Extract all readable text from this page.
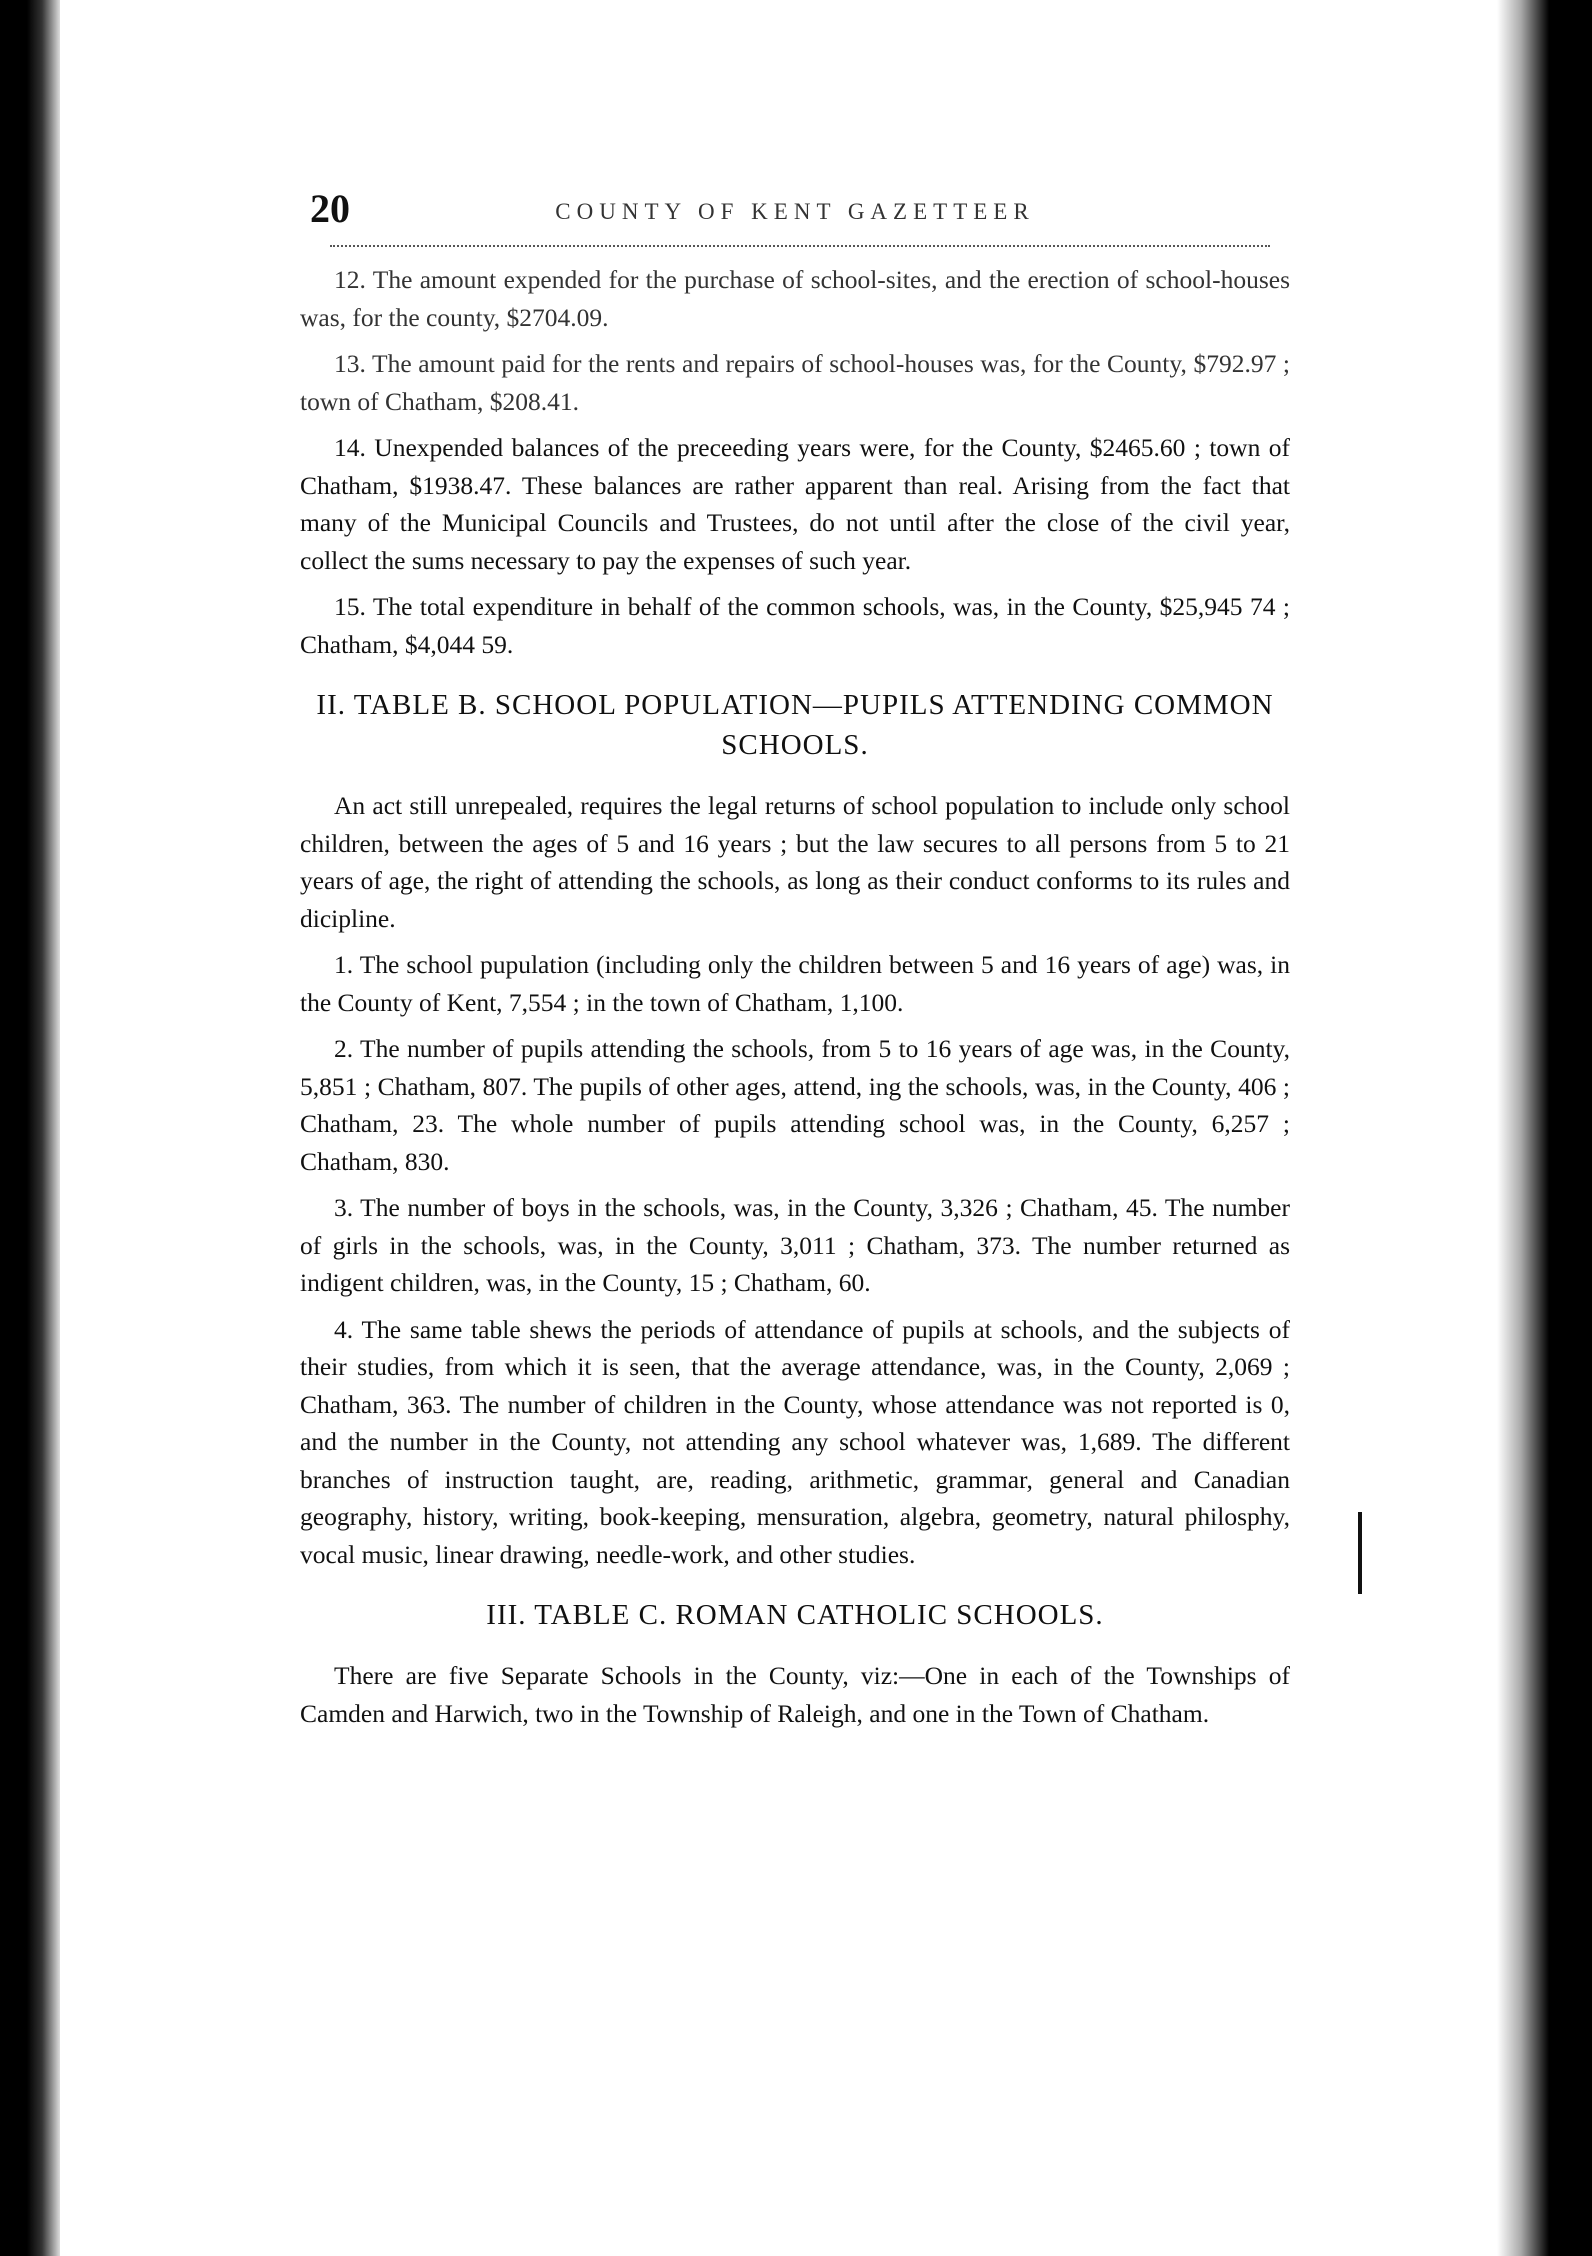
20	COUNTY OF KENT GAZETTEER

12. The amount expended for the purchase of school-sites, and the erection of school-houses was, for the county, $2704.09.

13. The amount paid for the rents and repairs of school-houses was, for the County, $792.97 ; town of Chatham, $208.41.

14. Unexpended balances of the preceeding years were, for the County, $2465.60 ; town of Chatham, $1938.47. These balances are rather apparent than real. Arising from the fact that many of the Municipal Councils and Trustees, do not until after the close of the civil year, collect the sums necessary to pay the expenses of such year.

15. The total expenditure in behalf of the common schools, was, in the County, $25,945 74 ; Chatham, $4,044 59.

II. TABLE B. SCHOOL POPULATION—PUPILS ATTENDING COMMON SCHOOLS.

An act still unrepealed, requires the legal returns of school population to include only school children, between the ages of 5 and 16 years ; but the law secures to all persons from 5 to 21 years of age, the right of attending the schools, as long as their conduct conforms to its rules and dicipline.

1. The school pupulation (including only the children between 5 and 16 years of age) was, in the County of Kent, 7,554 ; in the town of Chatham, 1,100.

2. The number of pupils attending the schools, from 5 to 16 years of age was, in the County, 5,851 ; Chatham, 807. The pupils of other ages, attend, ing the schools, was, in the County, 406 ; Chatham, 23. The whole number of pupils attending school was, in the County, 6,257 ; Chatham, 830.

3. The number of boys in the schools, was, in the County, 3,326 ; Chatham, 45. The number of girls in the schools, was, in the County, 3,011 ; Chatham, 373. The number returned as indigent children, was, in the County, 15 ; Chatham, 60.

4. The same table shews the periods of attendance of pupils at schools, and the subjects of their studies, from which it is seen, that the average attendance, was, in the County, 2,069 ; Chatham, 363. The number of children in the County, whose attendance was not reported is 0, and the number in the County, not attending any school whatever was, 1,689. The different branches of instruction taught, are, reading, arithmetic, grammar, general and Canadian geography, history, writing, book-keeping, mensuration, algebra, geometry, natural philosphy, vocal music, linear drawing, needle-work, and other studies.

III. TABLE C. ROMAN CATHOLIC SCHOOLS.

There are five Separate Schools in the County, viz:—One in each of the Townships of Camden and Harwich, two in the Township of Raleigh, and one in the Town of Chatham.
